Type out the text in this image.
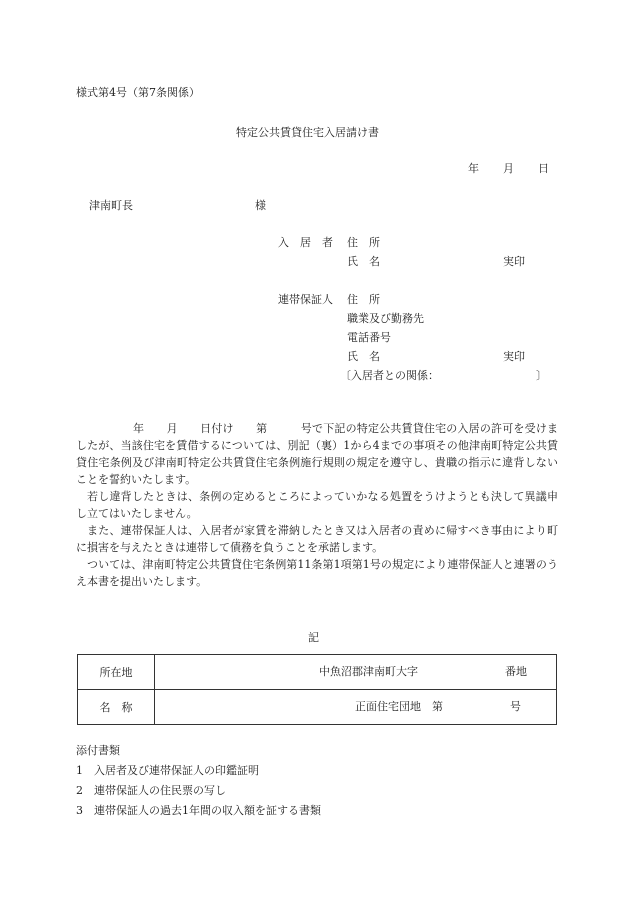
様式第4号（第7条関係）
特定公共賃貸住宅入居請け書
年 月 日
津南町長	様
入　居　者 住　所
氏　名	実印
連帯保証人 住　所
職業及び勤務先
電話番号
氏　名	実印
〔入居者との関係：	〕

年　　月　　日付け　　第　　　号で下記の特定公共賃貸住宅の入居の許可を受けましたが、当該住宅を賃借するについては、別記（裏）1から4までの事項その他津南町特定公共賃貸住宅条例及び津南町特定公共賃貸住宅条例施行規則の規定を遵守し、貴職の指示に違背しないことを誓約いたします。

若し違背したときは、条例の定めるところによっていかなる処置をうけようとも決して異議申し立てはいたしません。

また、連帯保証人は、入居者が家賃を滞納したとき又は入居者の責めに帰すべき事由により町に損害を与えたときは連帯して債務を負うことを承諾します。

ついては、津南町特定公共賃貸住宅条例第11条第1項第1号の規定により連帯保証人と連署のうえ本書を提出いたします。

記
所在地	中魚沼郡津南町大字 番地

名　称	正面住宅団地　第 号
添付書類
1 入居者及び連帯保証人の印鑑証明
2 連帯保証人の住民票の写し
3 連帯保証人の過去1年間の収入額を証する書類
